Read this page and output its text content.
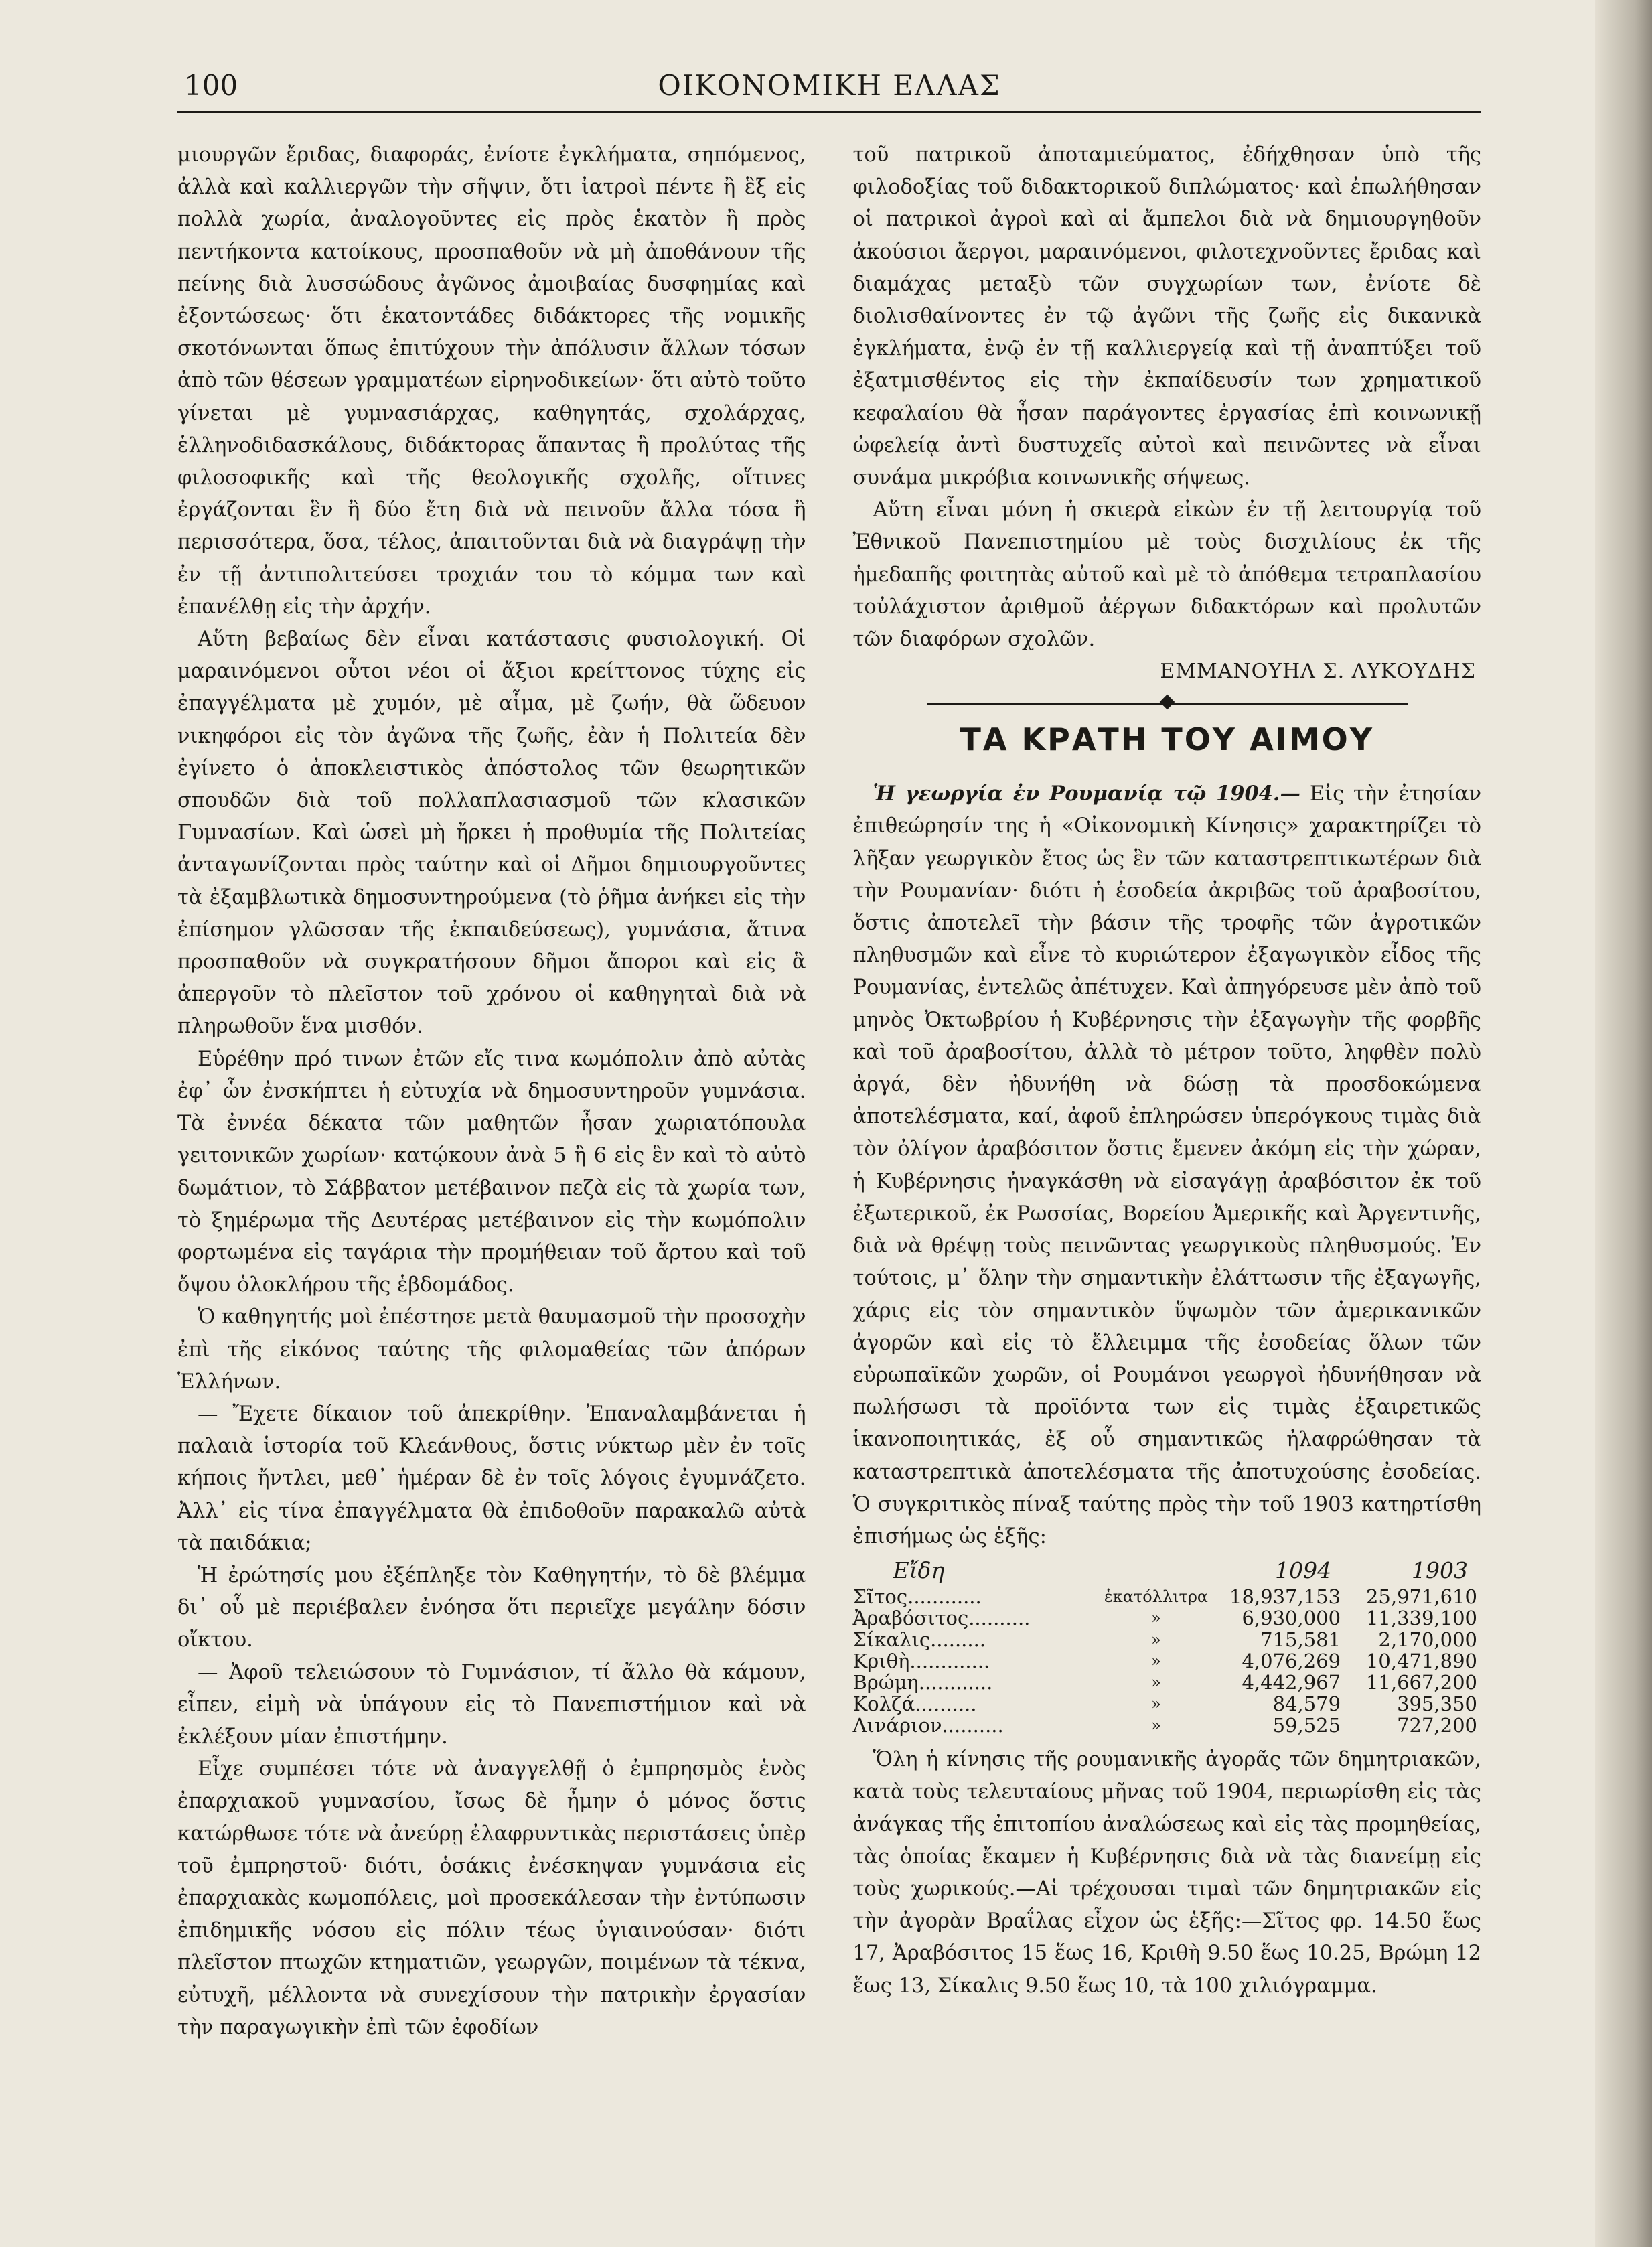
100	ΟΙΚΟΝΟΜΙΚΗ ΕΛΛΑΣ

μιουργῶν ἔριδας, διαφοράς, ἐνίοτε ἐγκλήματα, σηπόμενος, ἀλλὰ καὶ καλλιεργῶν τὴν σῆψιν, ὅτι ἰατροὶ πέντε ἢ ἓξ εἰς πολλὰ χωρία, ἀναλογοῦντες εἰς πρὸς ἑκατὸν ἢ πρὸς πεντήκοντα κατοίκους, προσπαθοῦν νὰ μὴ ἀποθάνουν τῆς πείνης διὰ λυσσώδους ἀγῶνος ἀμοιβαίας δυσφημίας καὶ ἐξοντώσεως· ὅτι ἑκατοντάδες διδάκτορες τῆς νομικῆς σκοτόνωνται ὅπως ἐπιτύχουν τὴν ἀπόλυσιν ἄλλων τόσων ἀπὸ τῶν θέσεων γραμματέων εἰρηνοδικείων· ὅτι αὐτὸ τοῦτο γίνεται μὲ γυμνασιάρχας, καθηγητάς, σχολάρχας, ἑλληνοδιδασκάλους, διδάκτορας ἅπαντας ἢ προλύτας τῆς φιλοσοφικῆς καὶ τῆς θεολογικῆς σχολῆς, οἵτινες ἐργάζονται ἓν ἢ δύο ἔτη διὰ νὰ πεινοῦν ἄλλα τόσα ἢ περισσότερα, ὅσα, τέλος, ἀπαιτοῦνται διὰ νὰ διαγράψῃ τὴν ἐν τῇ ἀντιπολιτεύσει τροχιάν του τὸ κόμμα των καὶ ἐπανέλθῃ εἰς τὴν ἀρχήν.

Αὕτη βεβαίως δὲν εἶναι κατάστασις φυσιολογική. Οἱ μαραινόμενοι οὗτοι νέοι οἱ ἄξιοι κρείττονος τύχης εἰς ἐπαγγέλματα μὲ χυμόν, μὲ αἷμα, μὲ ζωήν, θὰ ὥδευον νικηφόροι εἰς τὸν ἀγῶνα τῆς ζωῆς, ἐὰν ἡ Πολιτεία δὲν ἐγίνετο ὁ ἀποκλειστικὸς ἀπόστολος τῶν θεωρητικῶν σπουδῶν διὰ τοῦ πολλαπλασιασμοῦ τῶν κλασικῶν Γυμνασίων. Καὶ ὡσεὶ μὴ ἤρκει ἡ προθυμία τῆς Πολιτείας ἀνταγωνίζονται πρὸς ταύτην καὶ οἱ Δῆμοι δημιουργοῦντες τὰ ἐξαμβλωτικὰ δημοσυντηρούμενα (τὸ ῥῆμα ἀνήκει εἰς τὴν ἐπίσημον γλῶσσαν τῆς ἐκπαιδεύσεως), γυμνάσια, ἅτινα προσπαθοῦν νὰ συγκρατήσουν δῆμοι ἄποροι καὶ εἰς ἃ ἀπεργοῦν τὸ πλεῖστον τοῦ χρόνου οἱ καθηγηταὶ διὰ νὰ πληρωθοῦν ἕνα μισθόν.

Εὑρέθην πρό τινων ἐτῶν εἴς τινα κωμόπολιν ἀπὸ αὐτὰς ἐφ᾽ ὧν ἐνσκήπτει ἡ εὐτυχία νὰ δημοσυντηροῦν γυμνάσια. Τὰ ἐννέα δέκατα τῶν μαθητῶν ἦσαν χωριατόπουλα γειτονικῶν χωρίων· κατῴκουν ἀνὰ 5 ἢ 6 εἰς ἓν καὶ τὸ αὐτὸ δωμάτιον, τὸ Σάββατον μετέβαινον πεζὰ εἰς τὰ χωρία των, τὸ ξημέρωμα τῆς Δευτέρας μετέβαινον εἰς τὴν κωμόπολιν φορτωμένα εἰς ταγάρια τὴν προμήθειαν τοῦ ἄρτου καὶ τοῦ ὄψου ὁλοκλήρου τῆς ἑβδομάδος.

Ὁ καθηγητής μοὶ ἐπέστησε μετὰ θαυμασμοῦ τὴν προσοχὴν ἐπὶ τῆς εἰκόνος ταύτης τῆς φιλομαθείας τῶν ἀπόρων Ἑλλήνων.

— Ἔχετε δίκαιον τοῦ ἀπεκρίθην. Ἐπαναλαμβάνεται ἡ παλαιὰ ἱστορία τοῦ Κλεάνθους, ὅστις νύκτωρ μὲν ἐν τοῖς κήποις ἤντλει, μεθ᾽ ἡμέραν δὲ ἐν τοῖς λόγοις ἐγυμνάζετο. Ἀλλ᾽ εἰς τίνα ἐπαγγέλματα θὰ ἐπιδοθοῦν παρακαλῶ αὐτὰ τὰ παιδάκια;

Ἡ ἐρώτησίς μου ἐξέπληξε τὸν Καθηγητήν, τὸ δὲ βλέμμα δι᾽ οὗ μὲ περιέβαλεν ἐνόησα ὅτι περιεῖχε μεγάλην δόσιν οἴκτου.

— Ἀφοῦ τελειώσουν τὸ Γυμνάσιον, τί ἄλλο θὰ κάμουν, εἶπεν, εἰμὴ νὰ ὑπάγουν εἰς τὸ Πανεπιστήμιον καὶ νὰ ἐκλέξουν μίαν ἐπιστήμην.

Εἶχε συμπέσει τότε νὰ ἀναγγελθῇ ὁ ἐμπρησμὸς ἑνὸς ἐπαρχιακοῦ γυμνασίου, ἴσως δὲ ἦμην ὁ μόνος ὅστις κατώρθωσε τότε νὰ ἀνεύρῃ ἐλαφρυντικὰς περιστάσεις ὑπὲρ τοῦ ἐμπρηστοῦ· διότι, ὁσάκις ἐνέσκηψαν γυμνάσια εἰς ἐπαρχιακὰς κωμοπόλεις, μοὶ προσεκάλεσαν τὴν ἐντύπωσιν ἐπιδημικῆς νόσου εἰς πόλιν τέως ὑγιαινούσαν· διότι πλεῖστον πτωχῶν κτηματιῶν, γεωργῶν, ποιμένων τὰ τέκνα, εὐτυχῆ, μέλλοντα νὰ συνεχίσουν τὴν πατρικὴν ἐργασίαν τὴν παραγωγικὴν ἐπὶ τῶν ἐφοδίων

τοῦ πατρικοῦ ἀποταμιεύματος, ἐδήχθησαν ὑπὸ τῆς φιλοδοξίας τοῦ διδακτορικοῦ διπλώματος· καὶ ἐπωλήθησαν οἱ πατρικοὶ ἀγροὶ καὶ αἱ ἄμπελοι διὰ νὰ δημιουργηθοῦν ἀκούσιοι ἄεργοι, μαραινόμενοι, φιλοτεχνοῦντες ἔριδας καὶ διαμάχας μεταξὺ τῶν συγχωρίων των, ἐνίοτε δὲ διολισθαίνοντες ἐν τῷ ἀγῶνι τῆς ζωῆς εἰς δικανικὰ ἐγκλήματα, ἐνῷ ἐν τῇ καλλιεργείᾳ καὶ τῇ ἀναπτύξει τοῦ ἐξατμισθέντος εἰς τὴν ἐκπαίδευσίν των χρηματικοῦ κεφαλαίου θὰ ἦσαν παράγοντες ἐργασίας ἐπὶ κοινωνικῇ ὠφελείᾳ ἀντὶ δυστυχεῖς αὐτοὶ καὶ πεινῶντες νὰ εἶναι συνάμα μικρόβια κοινωνικῆς σήψεως.

Αὕτη εἶναι μόνη ἡ σκιερὰ εἰκὼν ἐν τῇ λειτουργίᾳ τοῦ Ἐθνικοῦ Πανεπιστημίου μὲ τοὺς δισχιλίους ἐκ τῆς ἡμεδαπῆς φοιτητὰς αὐτοῦ καὶ μὲ τὸ ἀπόθεμα τετραπλασίου τοὐλάχιστον ἀριθμοῦ ἀέργων διδακτόρων καὶ προλυτῶν τῶν διαφόρων σχολῶν.

ΕΜΜΑΝΟΥΗΛ Σ. ΛΥΚΟΥΔΗΣ

ΤΑ ΚΡΑΤΗ ΤΟΥ ΑΙΜΟΥ

Ἡ γεωργία ἐν Ρουμανίᾳ τῷ 1904.— Εἰς τὴν ἐτησίαν ἐπιθεώρησίν της ἡ «Οἰκονομικὴ Κίνησις» χαρακτηρίζει τὸ λῆξαν γεωργικὸν ἔτος ὡς ἓν τῶν καταστρεπτικωτέρων διὰ τὴν Ρουμανίαν· διότι ἡ ἐσοδεία ἀκριβῶς τοῦ ἀραβοσίτου, ὅστις ἀποτελεῖ τὴν βάσιν τῆς τροφῆς τῶν ἀγροτικῶν πληθυσμῶν καὶ εἶνε τὸ κυριώτερον ἐξαγωγικὸν εἶδος τῆς Ρουμανίας, ἐντελῶς ἀπέτυχεν. Καὶ ἀπηγόρευσε μὲν ἀπὸ τοῦ μηνὸς Ὀκτωβρίου ἡ Κυβέρνησις τὴν ἐξαγωγὴν τῆς φορβῆς καὶ τοῦ ἀραβοσίτου, ἀλλὰ τὸ μέτρον τοῦτο, ληφθὲν πολὺ ἀργά, δὲν ἠδυνήθη νὰ δώσῃ τὰ προσδοκώμενα ἀποτελέσματα, καί, ἀφοῦ ἐπληρώσεν ὑπερόγκους τιμὰς διὰ τὸν ὀλίγον ἀραβόσιτον ὅστις ἔμενεν ἀκόμη εἰς τὴν χώραν, ἡ Κυβέρνησις ἠναγκάσθη νὰ εἰσαγάγῃ ἀραβόσιτον ἐκ τοῦ ἐξωτερικοῦ, ἐκ Ρωσσίας, Βορείου Ἀμερικῆς καὶ Ἀργεντινῆς, διὰ νὰ θρέψῃ τοὺς πεινῶντας γεωργικοὺς πληθυσμούς. Ἐν τούτοις, μ᾽ ὅλην τὴν σημαντικὴν ἐλάττωσιν τῆς ἐξαγωγῆς, χάρις εἰς τὸν σημαντικὸν ὕψωμὸν τῶν ἀμερικανικῶν ἀγορῶν καὶ εἰς τὸ ἔλλειμμα τῆς ἐσοδείας ὅλων τῶν εὐρωπαϊκῶν χωρῶν, οἱ Ρουμάνοι γεωργοὶ ἠδυνήθησαν νὰ πωλήσωσι τὰ προϊόντα των εἰς τιμὰς ἐξαιρετικῶς ἱκανοποιητικάς, ἐξ οὗ σημαντικῶς ἠλαφρώθησαν τὰ καταστρεπτικὰ ἀποτελέσματα τῆς ἀποτυχούσης ἐσοδείας. Ὁ συγκριτικὸς πίναξ ταύτης πρὸς τὴν τοῦ 1903 κατηρτίσθη ἐπισήμως ὡς ἑξῆς:

Εἴδη		1094	1903
Σῖτος............	ἑκατόλλιτρα	18,937,153	25,971,610
Ἀραβόσιτος..........	»	6,930,000	11,339,100
Σίκαλις.........	»	715,581	2,170,000
Κριθὴ.............	»	4,076,269	10,471,890
Βρώμη............	»	4,442,967	11,667,200
Κολζά..........	»	84,579	395,350
Λινάριον..........	»	59,525	727,200

Ὅλη ἡ κίνησις τῆς ρουμανικῆς ἀγορᾶς τῶν δημητριακῶν, κατὰ τοὺς τελευταίους μῆνας τοῦ 1904, περιωρίσθη εἰς τὰς ἀνάγκας τῆς ἐπιτοπίου ἀναλώσεως καὶ εἰς τὰς προμηθείας, τὰς ὁποίας ἔκαμεν ἡ Κυβέρνησις διὰ νὰ τὰς διανείμῃ εἰς τοὺς χωρικούς.—Αἱ τρέχουσαι τιμαὶ τῶν δημητριακῶν εἰς τὴν ἀγορὰν Βραΐλας εἶχον ὡς ἑξῆς:—Σῖτος φρ. 14.50 ἕως 17, Ἀραβόσιτος 15 ἕως 16, Κριθὴ 9.50 ἕως 10.25, Βρώμη 12 ἕως 13, Σίκαλις 9.50 ἕως 10, τὰ 100 χιλιόγραμμα.
